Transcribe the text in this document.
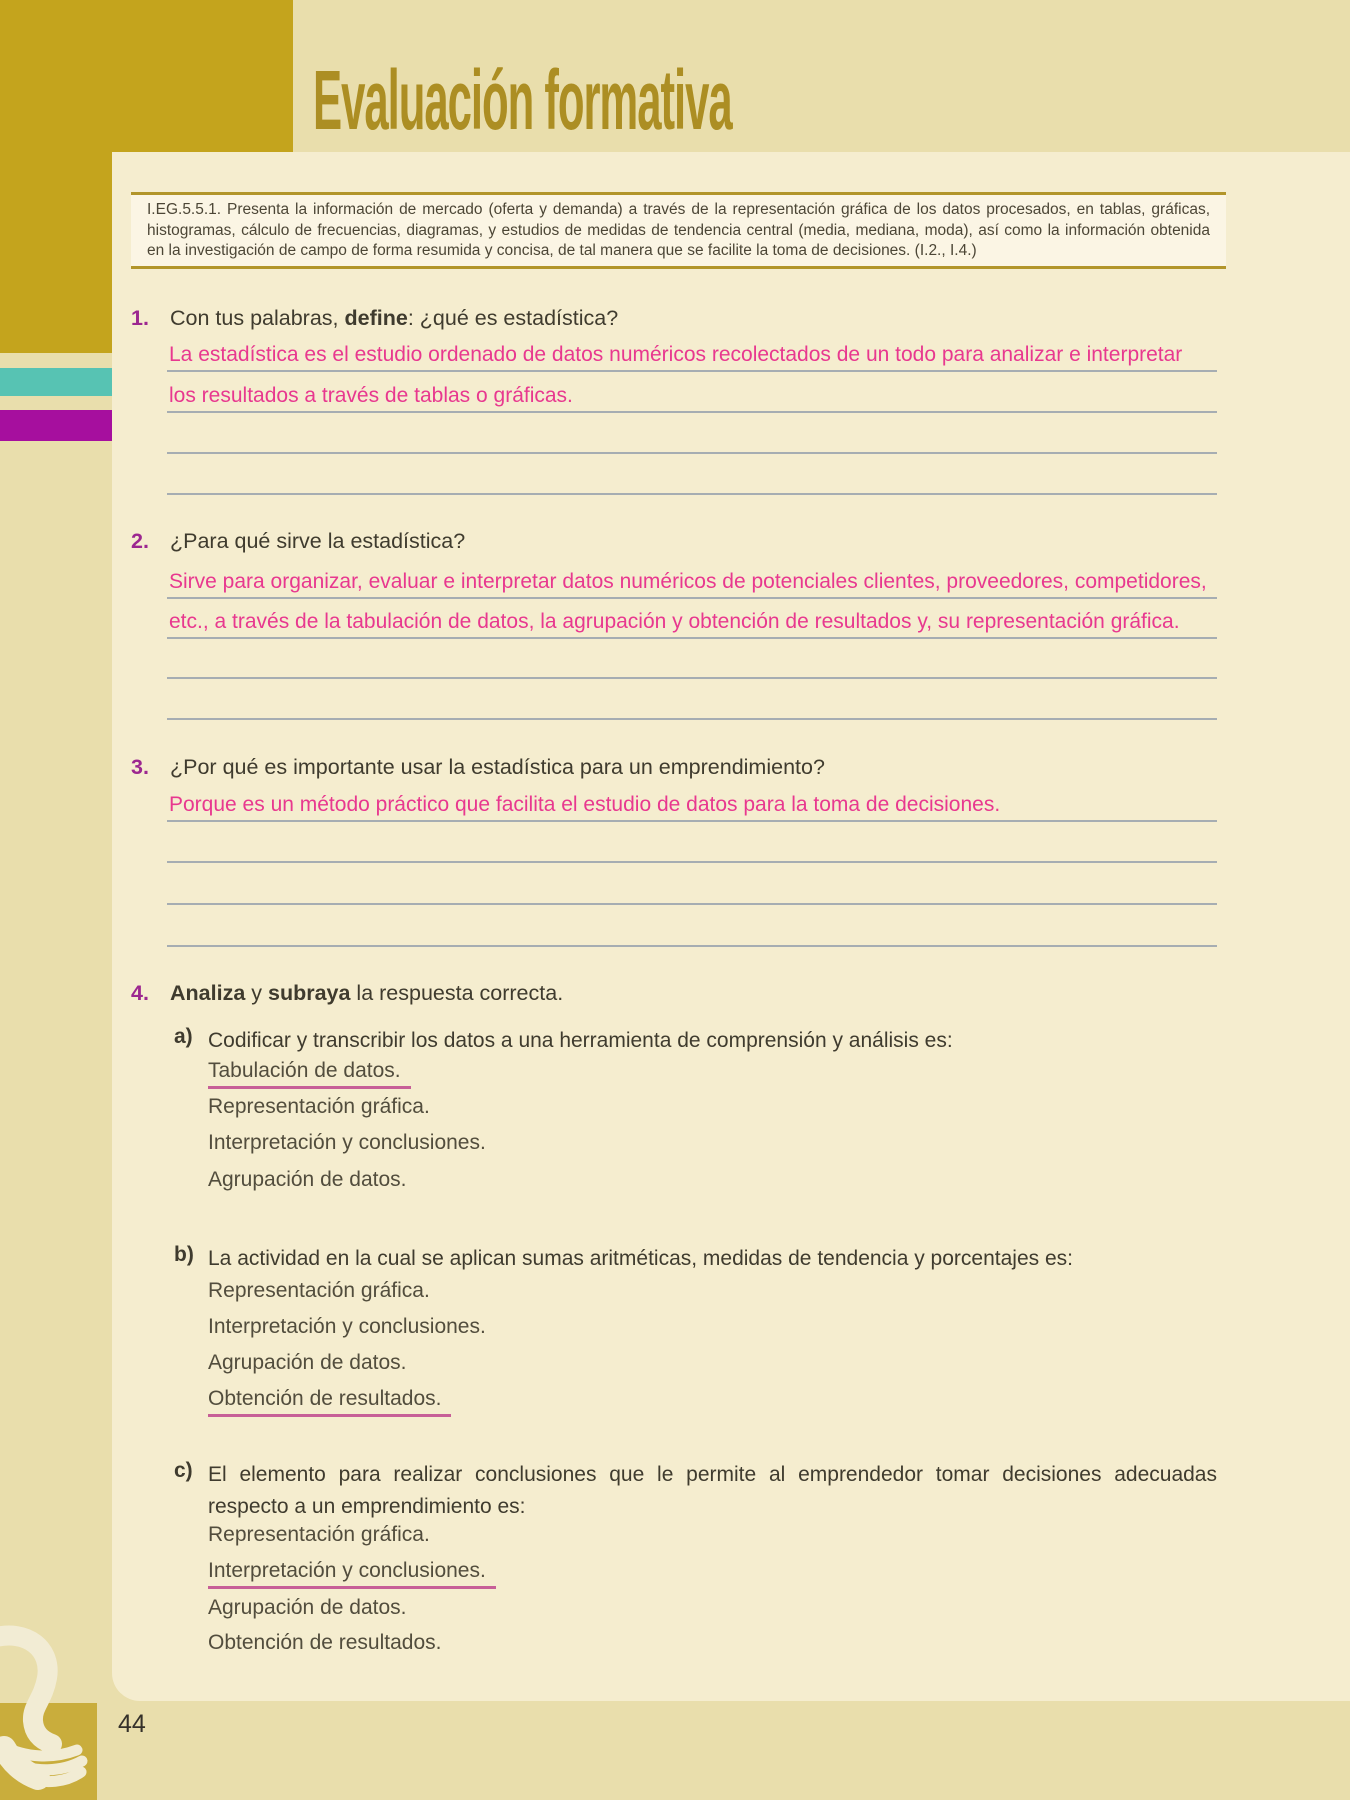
Evaluación formativa
I.EG.5.5.1. Presenta la información de mercado (oferta y demanda) a través de la representación gráfica de los datos procesados, en tablas, gráficas, histogramas, cálculo de frecuencias, diagramas, y estudios de medidas de tendencia central (media, mediana, moda), así como la información obtenida en la investigación de campo de forma resumida y concisa, de tal manera que se facilite la toma de decisiones. (I.2., I.4.)
1. Con tus palabras, define: ¿qué es estadística?
La estadística es el estudio ordenado de datos numéricos recolectados de un todo para analizar e interpretar
los resultados a través de tablas o gráficas.
2. ¿Para qué sirve la estadística?
Sirve para organizar, evaluar e interpretar datos numéricos de potenciales clientes, proveedores, competidores,
etc., a través de la tabulación de datos, la agrupación y obtención de resultados y, su representación gráfica.
3. ¿Por qué es importante usar la estadística para un emprendimiento?
Porque es un método práctico que facilita el estudio de datos para la toma de decisiones.
4. Analiza y subraya la respuesta correcta.
a) Codificar y transcribir los datos a una herramienta de comprensión y análisis es:
Tabulación de datos.
Representación gráfica.
Interpretación y conclusiones.
Agrupación de datos.
b) La actividad en la cual se aplican sumas aritméticas, medidas de tendencia y porcentajes es:
Representación gráfica.
Interpretación y conclusiones.
Agrupación de datos.
Obtención de resultados.
c) El elemento para realizar conclusiones que le permite al emprendedor tomar decisiones adecuadas respecto a un emprendimiento es:
Representación gráfica.
Interpretación y conclusiones.
Agrupación de datos.
Obtención de resultados.
44
